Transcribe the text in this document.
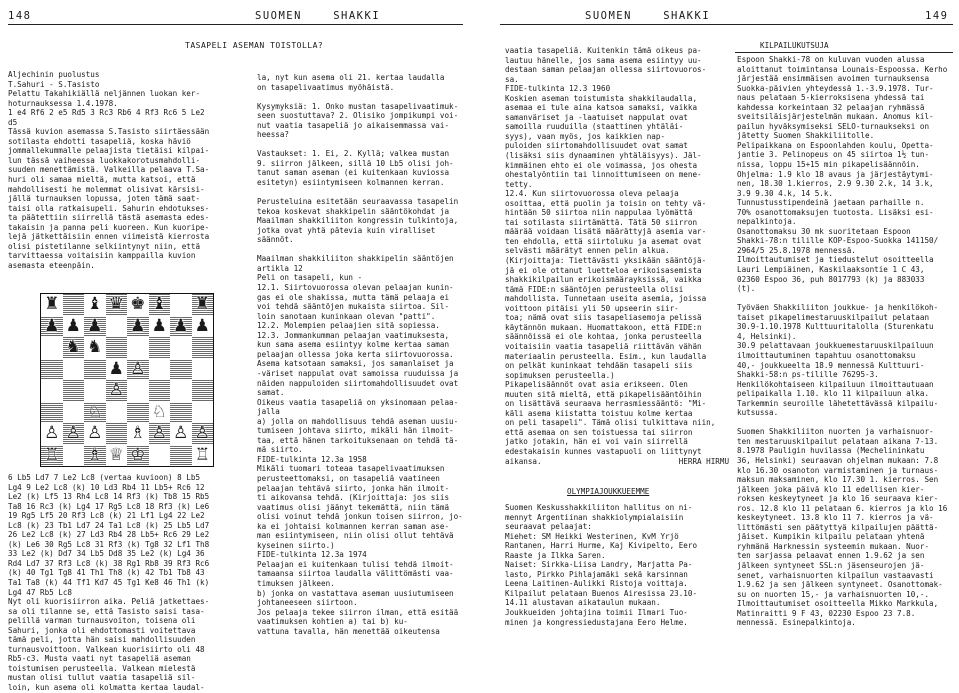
148	SUOMEN    SHAKKI	SUOMEN    SHAKKI	149
TASAPELI ASEMAN TOISTOLLA?
Aljechinin puolustus
T.Sahuri - S.Tasisto
Pelattu Takahikiällä neljännen luokan ker-
hoturnauksessa 1.4.1978.
1 e4 Rf6 2 e5 Rd5 3 Rc3 Rb6 4 Rf3 Rc6 5 Le2
d5
Tässä kuvion asemassa S.Tasisto siirtäessään
sotilasta ehdotti tasapeliä, koska häviö
jommallekummalle pelaajista tietäisi kilpai-
lun tässä vaiheessa luokkakorotusmahdolli-
suuden menettämistä. Valkeilla pelaava T.Sa-
huri oli samaa mieltä, mutta katsoi, että
mahdollisesti he molemmat olisivat kärsisi-
jällä turnauksen lopussa, joten tämä saat-
taisi olla ratkaisupeli. Sahurin ehdotukses-
ta päätettiin siirrellä tästä asemasta edes-
takaisin ja panna peli kuoreen. Kun kuoripe-
lejä jätkettäisiin ennen viimeistä kierrosta
olisi pistetilanne selkiintynyt niin, että
tarvittaessa voitaisiin kamppailla kuvion
asemasta eteenpäin.
♜ ♝ ♛ ♚ ♝ ♜
♟ ♟ ♟ ♟ ♟ ♟ ♟
♞ ♞
♟ ♙
♙
♘	♘
♙ ♙ ♙ ♗ ♙ ♙ ♙
♖ ♗ ♕ ♔	♖
6 Lb5 Ld7 7 Le2 Lc8 (vertaa kuvioon) 8 Lb5
Lg4 9 Le2 Lc8 (k) 10 Ld3 Rb4 11 Lb5+ Rc6 12
Le2 (k) Lf5 13 Rh4 Lc8 14 Rf3 (k) Tb8 15 Rb5
Ta8 16 Rc3 (k) Lg4 17 Rg5 Lc8 18 Rf3 (k) Le6
19 Rg5 Lf5 20 Rf3 Lc8 (k) 21 Lf1 Lg4 22 Le2
Lc8 (k) 23 Tb1 Ld7 24 Ta1 Lc8 (k) 25 Lb5 Ld7
26 Le2 Lc8 (k) 27 Ld3 Rb4 28 Lb5+ Rc6 29 Le2
(k) Le6 30 Rg5 Lc8 31 Rf3 (k) Tg8 32 Lf1 Th8
33 Le2 (k) Dd7 34 Lb5 Dd8 35 Le2 (k) Lg4 36
Rd4 Ld7 37 Rf3 Lc8 (k) 38 Rg1 Rb8 39 Rf3 Rc6
(k) 40 Tg1 Tg8 41 Th1 Th8 (k) 42 Tb1 Tb8 43
Ta1 Ta8 (k) 44 Tf1 Kd7 45 Tg1 Ke8 46 Th1 (k)
Lg4 47 Rb5 Lc8
Nyt oli kuorisiirron aika. Peliä jatkettaes-
sa oli tilanne se, että Tasisto saisi tasa-
pelillä varman turnausvoiton, toisena oli
Sahuri, jonka oli ehdottomasti voitettava
tämä peli, jotta hän saisi mahdollisuuden
turnausvoittoon. Valkean kuorisiirto oli 48
Rb5-c3. Musta vaati nyt tasapeliä aseman
toistumisen perusteella. Valkean mielestä
mustan olisi tullut vaatia tasapeliä sil-
loin, kun asema oli kolmatta kertaa laudal-
la, nyt kun asema oli 21. kertaa laudalla
on tasapelivaatimus myöhäistä.

Kysymyksiä: 1. Onko mustan tasapelivaatimuk-
seen suostuttava? 2. Olisiko jompikumpi voi-
nut vaatia tasapeliä jo aikaisemmassa vai-
heessa?

Vastaukset: 1. Ei, 2. Kyllä; valkea mustan
9. siirron jälkeen, sillä 10 Lb5 olisi joh-
tanut saman aseman (ei kuitenkaan kuviossa
esitetyn) esiintymiseen kolmannen kerran.

Perusteluina esitetään seuraavassa tasapelin
tekoa koskevat shakkipelin sääntökohdat ja
Maailman shakkiliiton kongressin tulkintoja,
jotka ovat yhtä pätevia kuin viralliset
säännöt.

Maailman shakkiliiton shakkipelin sääntöjen
artikla 12
Peli on tasapeli, kun -
12.1. Siirtovuorossa olevan pelaajan kunin-
gas ei ole shakissa, mutta tämä pelaaja ei
voi tehdä sääntöjen mukaista siirtoa. Sil-
loin sanotaan kuninkaan olevan "patti".
12.2. Molempien pelaajien sitä sopiessa.
12.3. Jommankumman pelaajan vaatimuksesta,
kun sama asema esiintyy kolme kertaa saman
pelaajan ollessa joka kerta siirtovuorossa.
Asema katsotaan samaksi, jos samanlaiset ja
-väriset nappulat ovat samoissa ruuduissa ja
näiden nappuloiden siirtomahdollisuudet ovat
samat.
Oikeus vaatia tasapeliä on yksinomaan pelaa-
jalla
a) jolla on mahdollisuus tehdä aseman uusiu-
tumiseen johtava siirto, mikäli hän ilmoit-
taa, että hänen tarkoituksenaan on tehdä tä-
mä siirto.
FIDE-tulkinta 12.3a 1958
Mikäli tuomari toteaa tasapelivaatimuksen
perusteettomaksi, on tasapeliä vaatineen
pelaajan tehtävä siirto, jonka hän ilmoit-
ti aikovansa tehdä. (Kirjoittaja: jos siis
vaatimus olisi jäänyt tekemättä, niin tämä
olisi voinut tehdä jonkun toisen siirron, jo-
ka ei johtaisi kolmannen kerran saman ase-
man esiintymiseen, niin olisi ollut tehtävä
kyseinen siirto.)
FIDE-tulkinta 12.3a 1974
Pelaajan ei kuitenkaan tulisi tehdä ilmoit-
tamaansa siirtoa laudalla välittömästi vaa-
timuksen jälkeen.
b) jonka on vastattava aseman uusiutumiseen
johtaneeseen siirtoon.
Jos pelaaja tekee siirron ilman, että esitää
vaatimuksen kohtien a) tai b) ku-
vattuna tavalla, hän menettää oikeutensa
vaatia tasapeliä. Kuitenkin tämä oikeus pa-
lautuu hänelle, jos sama asema esiintyy uu-
destaan saman pelaajan ollessa siirtovuoros-
sa.
FIDE-tulkinta 12.3 1960
Koskien aseman toistumista shakkilaudalla,
asemaa ei tule aina katsoa samaksi, vaikka
samanväriset ja -laatuiset nappulat ovat
samoilla ruuduilla (staattinen yhtäläi-
syys), vaan myös, jos kaikkien nap-
puloiden siirtomahdollisuudet ovat samat
(lisäksi siis dynaaminen yhtäläisyys). Jäl-
kimmäinen ehto ei ole voimassa, jos ohesta
ohestalyöntiin tai linnoittumiseen on mene-
tetty.
12.4. Kun siirtovuorossa oleva pelaaja
osoittaa, että puolin ja toisin on tehty vä-
hintään 50 siirtoa niin nappulaa lyömättä
tai sotilasta siirtämättä. Tätä 50 siirron
määrää voidaan lisätä määrättyjä asemia var-
ten ehdolla, että siirtoluku ja asemat ovat
selvästi määrätyt ennen pelin alkua.
(Kirjoittaja: Tiettävästi yksikään sääntöjä-
jä ei ole ottanut luetteloa erikoisasemista
shakkikilpailun erikoismäärayksissä, vaikka
tämä FIDE:n sääntöjen perusteella olisi
mahdollista. Tunnetaan useita asemia, joissa
voittoon pitäisi yli 50 upseerin siir-
toa; nämä ovat siis tasapeliasemoja pelissä
käytännön mukaan. Huomattakoon, että FIDE:n
säännöissä ei ole kohtaa, jonka perusteella
voitaisiin vaatia tasapeliä riittävän vähän
materiaalin perusteella. Esim., kun laudalla
on pelkät kuninkaat tehdään tasapeli siis
sopimuksen perusteella.)
Pikapelisäännöt ovat asia erikseen. Olen
muuten sitä mieltä, että pikapelisääntöihin
on lisättävä seuraava herrasmiessääntö: "Mi-
käli asema kiistatta toistuu kolme kertaa
on peli tasapeli". Tämä olisi tulkittava niin,
että asemaa on sen toistuessa tai siirron
jatko jotakin, hän ei voi vain siirrellä
edestakaisin kunnes vastapuoli on liittynyt
aikansa.                              HERRA HIRMU
OLYMPIAJOUKKUEEMME
Suomen Keskusshakkiliiton hallitus on ni-
mennyt Argentiinan shakkiolympialaisiin
seuraavat pelaajat:
Miehet: SM Heikki Westerinen, KvM Yrjö
Rantanen, Harri Hurme, Kaj Kivipelto, Eero
Raaste ja Ilkka Saren.
Naiset: Sirkka-Liisa Landry, Marjatta Pa-
lasto, Pirkko Pihlajamäki sekä karsinnan
Leena Laitinen-Aulikki Ristoja voittaja.
Kilpailut pelataan Buenos Airesissa 23.10-
14.11 alustavan aikataulun mukaan.
Joukkueiden johtajina toimii Ilmari Tuo-
minen ja kongressiedustajana Eero Helme.
KILPAILUKUTSUJA
Espoon Shakki-78 on kuluvan vuoden alussa
aloittanut toimintansa Lounais-Espoossa. Kerho
järjestää ensimmäisen avoimen turnauksensa
Suokka-päivien yhteydessä 1.-3.9.1978. Tur-
naus pelataan 5-kierroksisena yhdessä tai
kahdessa korkeintaan 32 pelaajan ryhmässä
sveitsiläisjärjestelmän mukaan. Anomus kil-
pailun hyväksymiseksi SELO-turnaukseksi on
jätetty Suomen Shakkiliitolle.
Pelipaikkana on Espoonlahden koulu, Opetta-
jantie 3. Pelinopeus on 45 siirtoa 1½ tun-
nissa, loppu 15+15 min pikapelisäännöin.
Ohjelma: 1.9 klo 18 avaus ja järjestäytymi-
nen, 18.30 1.kierros, 2.9 9.30 2.k, 14 3.k,
3.9 9.30 4.k, 14 5.k.
Tunnustusstipendeinä jaetaan parhaille n.
70% osanottomaksujen tuotosta. Lisäksi esi-
nepalkintoja.
Osanottomaksu 30 mk suoritetaan Espoon
Shakki-78:n tilille KOP-Espoo-Suokka 141150/
2964/5 25.8.1978 mennessä.
Ilmoittautumiset ja tiedustelut osoitteella
Lauri Lempiäinen, Kaskilaaksontie 1 C 43,
02360 Espoo 36, puh 8017793 (k) ja 883033
(t).

Työväen Shakkiliiton joukkue- ja henkilökoh-
taiset pikapelimestaruuskilpailut pelataan
30.9-1.10.1978 Kulttuuritalolla (Sturenkatu
4, Helsinki).
30.9 pelattavaan joukkuemestaruuskilpailuun
ilmoittautuminen tapahtuu osanottomaksu
40,- joukkueelta 18.9 mennessä Kulttuuri-
Shakki-58:n ps-tilille 76295-3.
Henkilökohtaiseen kilpailuun ilmoittautuaan
pelipaikalla 1.10. klo 11 kilpailuun alka.
Tarkemmin seuroille lähetettävässä kilpailu-
kutsussa.

Suomen Shakkiliiton nuorten ja varhaisnuor-
ten mestaruuskilpailut pelataan aikana 7-13.
8.1978 Pauligin huvilassa (Mechelininkatu
36, Helsinki) seuraavan ohjelman mukaan: 7.8
klo 16.30 osanoton varmistaminen ja turnaus-
maksun maksaminen, klo 17.30 1. kierros. Sen
jälkeen joka päivä klo 11 edellisen kier-
roksen keskeytyneet ja klo 16 seuraava kier-
ros. 12.8 klo 11 pelataan 6. kierros ja klo 16
keskeytyneet. 13.8 klo 11 7. kierros ja vä-
littömästi sen päätyttyä kilpailujen päättä-
jäiset. Kumpikin kilpailu pelataan yhtenä
ryhmänä Harknessin systeemin mukaan. Nuor-
ten sarjassa pelaavat ennen 1.9.62 ja sen
jälkeen syntyneet SSL:n jäsenseurojen jä-
senet, varhaisnuorten kilpailun vastaavasti
1.9.62 ja sen jälkeen syntyneet. Osanottomak-
su on nuorten 15,- ja varhaisnuorten 10,-.
Ilmoittautumiset osoitteella Mikko Markkula,
Matinraitti 9 F 43, 02230 Espoo 23 7.8.
mennessä. Esinepalkintoja.
